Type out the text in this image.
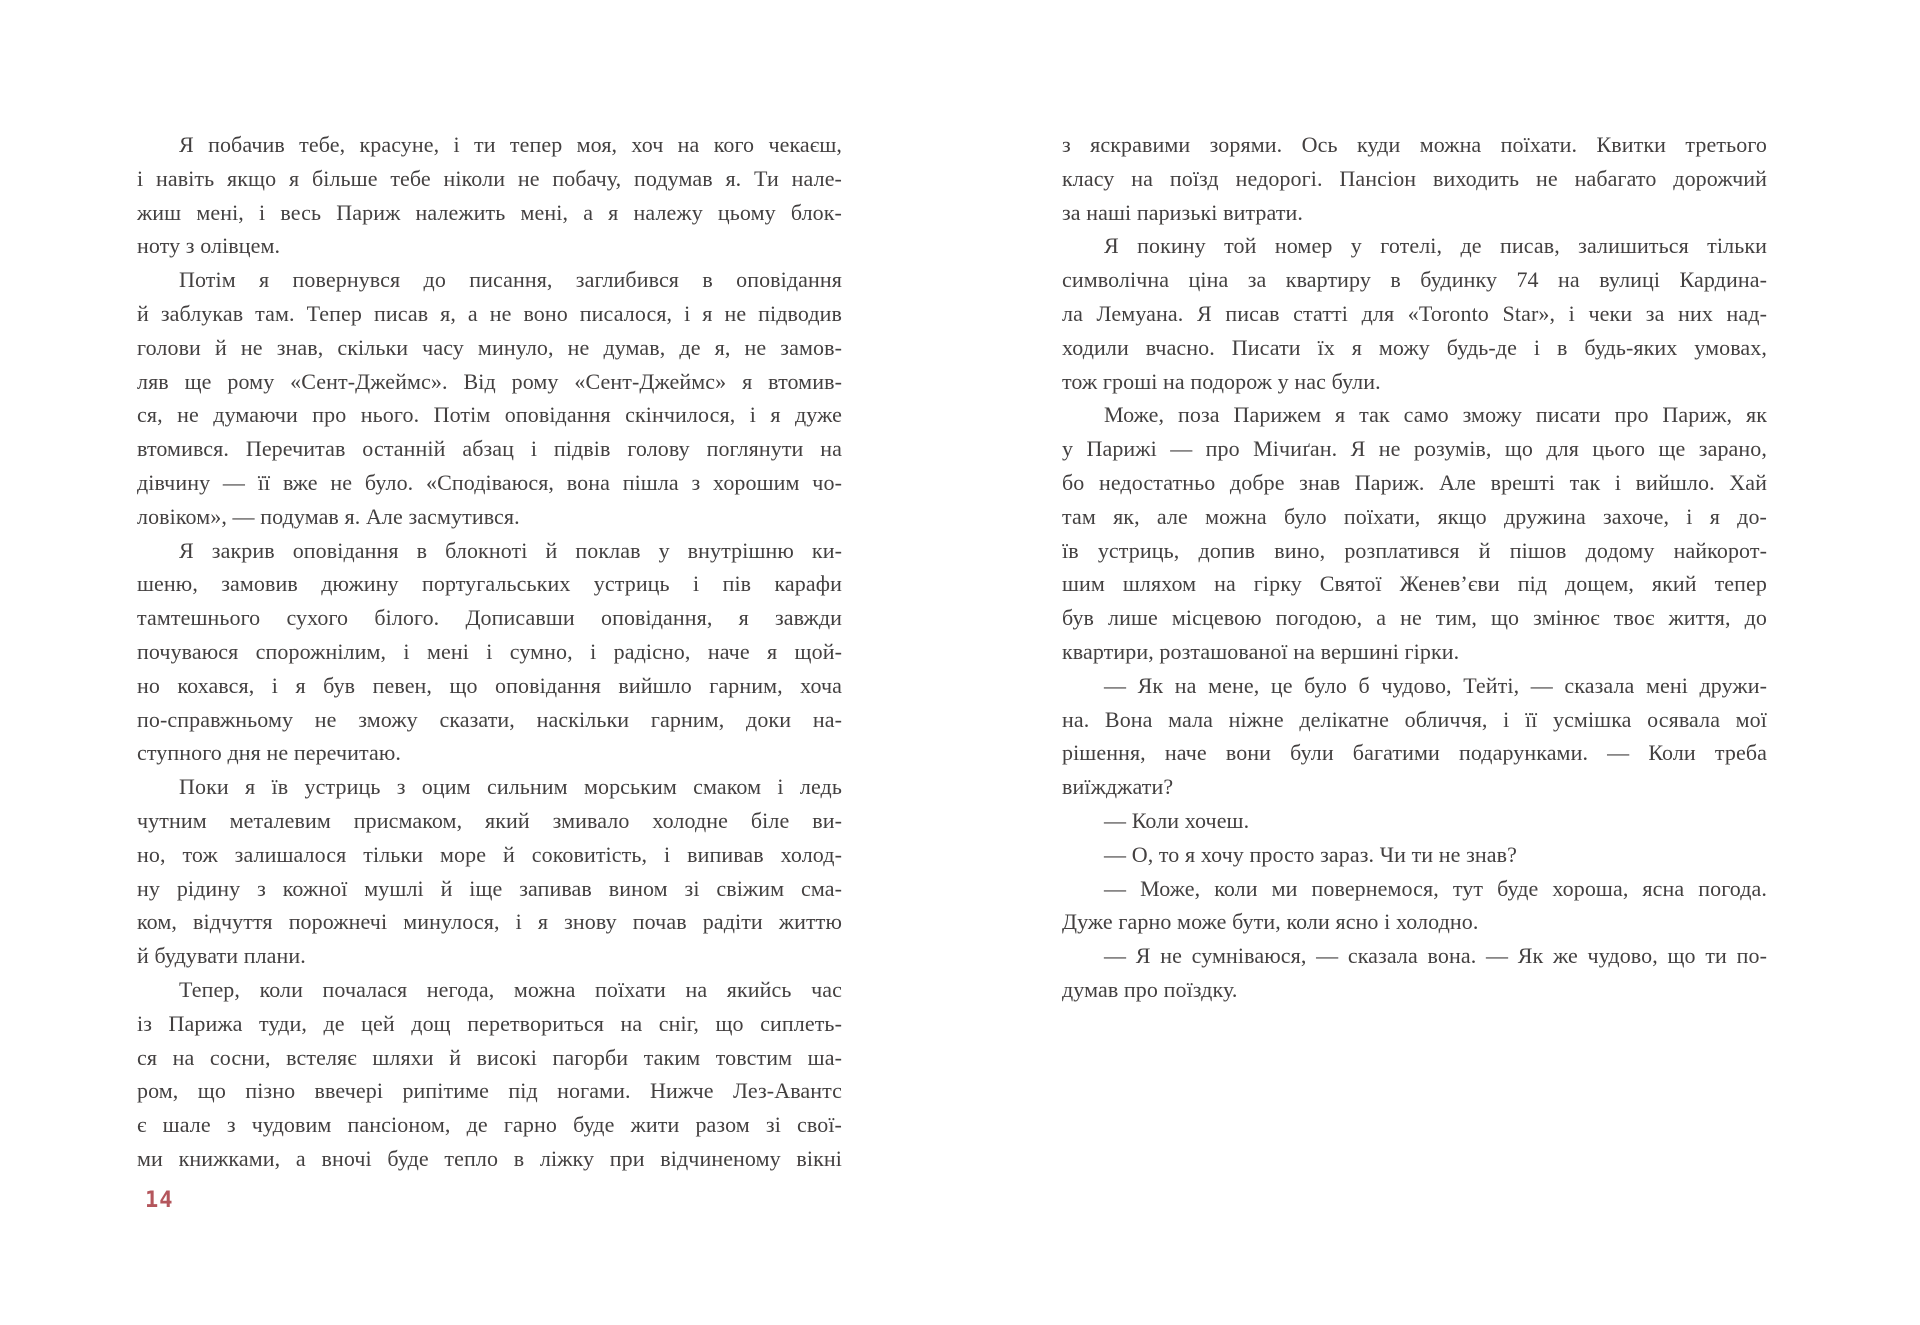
Я побачив тебе, красуне, і ти тепер моя, хоч на кого чекаєш,
і навіть якщо я більше тебе ніколи не побачу, подумав я. Ти нале-
жиш мені, і весь Париж належить мені, а я належу цьому блок-
ноту з олівцем.
Потім я повернувся до писання, заглибився в оповідання
й заблукав там. Тепер писав я, а не воно писалося, і я не підводив
голови й не знав, скільки часу минуло, не думав, де я, не замов-
ляв ще рому «Сент-Джеймс». Від рому «Сент-Джеймс» я втомив-
ся, не думаючи про нього. Потім оповідання скінчилося, і я дуже
втомився. Перечитав останній абзац і підвів голову поглянути на
дівчину — її вже не було. «Сподіваюся, вона пішла з хорошим чо-
ловіком», — подумав я. Але засмутився.
Я закрив оповідання в блокноті й поклав у внутрішню ки-
шеню, замовив дюжину португальських устриць і пів карафи
тамтешнього сухого білого. Дописавши оповідання, я завжди
почуваюся спорожнілим, і мені і сумно, і радісно, наче я щой-
но кохався, і я був певен, що оповідання вийшло гарним, хоча
по-справжньому не зможу сказати, наскільки гарним, доки на-
ступного дня не перечитаю.
Поки я їв устриць з оцим сильним морським смаком і ледь
чутним металевим присмаком, який змивало холодне біле ви-
но, тож залишалося тільки море й соковитість, і випивав холод-
ну рідину з кожної мушлі й іще запивав вином зі свіжим сма-
ком, відчуття порожнечі минулося, і я знову почав радіти життю
й будувати плани.
Тепер, коли почалася негода, можна поїхати на якийсь час
із Парижа туди, де цей дощ перетвориться на сніг, що сиплеть-
ся на сосни, встеляє шляхи й високі пагорби таким товстим ша-
ром, що пізно ввечері рипітиме під ногами. Нижче Лез-Авантс
є шале з чудовим пансіоном, де гарно буде жити разом зі свої-
ми книжками, а вночі буде тепло в ліжку при відчиненому вікні
з яскравими зорями. Ось куди можна поїхати. Квитки третього
класу на поїзд недорогі. Пансіон виходить не набагато дорожчий
за наші паризькі витрати.
Я покину той номер у готелі, де писав, залишиться тільки
символічна ціна за квартиру в будинку 74 на вулиці Кардина-
ла Лемуана. Я писав статті для «Toronto Star», і чеки за них над-
ходили вчасно. Писати їх я можу будь-де і в будь-яких умовах,
тож гроші на подорож у нас були.
Може, поза Парижем я так само зможу писати про Париж, як
у Парижі — про Мічиґан. Я не розумів, що для цього ще зарано,
бо недостатньо добре знав Париж. Але врешті так і вийшло. Хай
там як, але можна було поїхати, якщо дружина захоче, і я до-
їв устриць, допив вино, розплатився й пішов додому найкорот-
шим шляхом на гірку Святої Женев’єви під дощем, який тепер
був лише місцевою погодою, а не тим, що змінює твоє життя, до
квартири, розташованої на вершині гірки.
— Як на мене, це було б чудово, Тейті, — сказала мені дружи-
на. Вона мала ніжне делікатне обличчя, і її усмішка осявала мої
рішення, наче вони були багатими подарунками. — Коли треба
виїжджати?
— Коли хочеш.
— О, то я хочу просто зараз. Чи ти не знав?
— Може, коли ми повернемося, тут буде хороша, ясна погода.
Дуже гарно може бути, коли ясно і холодно.
— Я не сумніваюся, — сказала вона. — Як же чудово, що ти по-
думав про поїздку.
14
